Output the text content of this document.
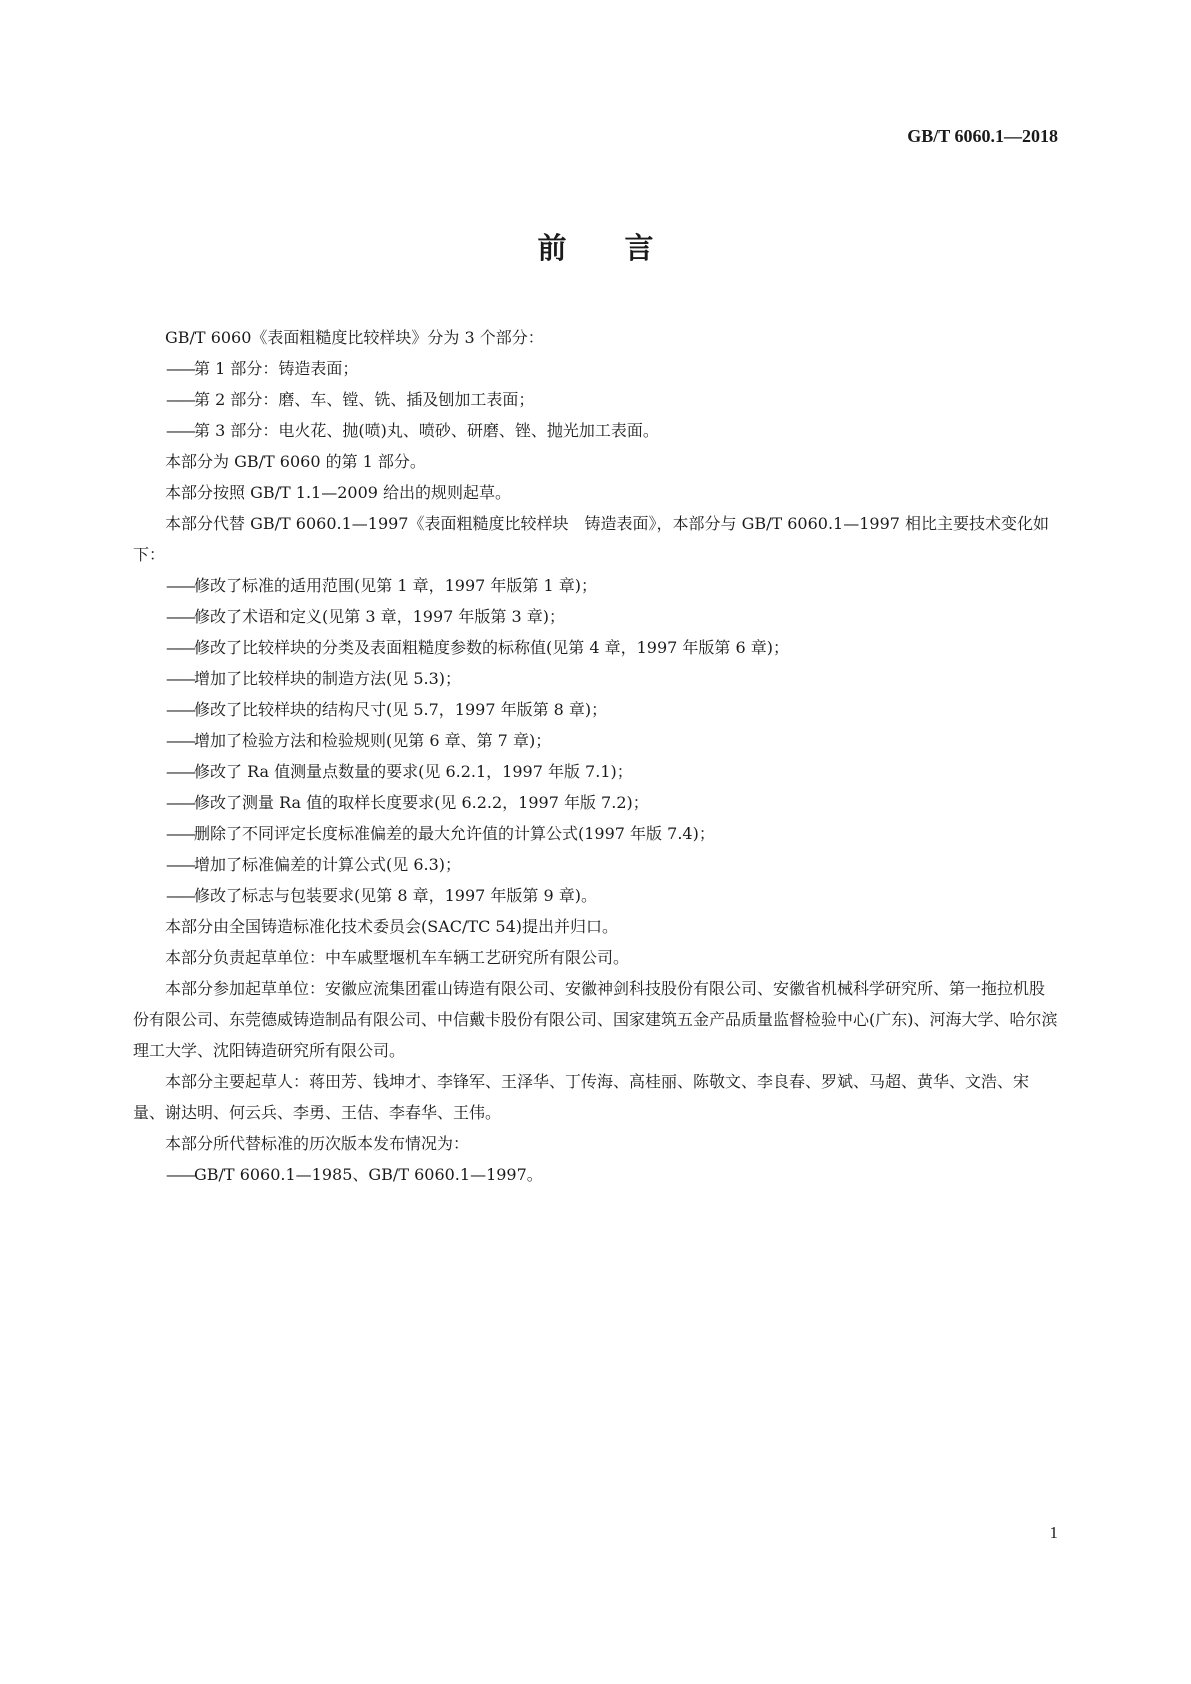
GB/T 6060.1—2018

前　　言

GB/T 6060《表面粗糙度比较样块》分为 3 个部分：

——第 1 部分：铸造表面；

——第 2 部分：磨、车、镗、铣、插及刨加工表面；

——第 3 部分：电火花、抛(喷)丸、喷砂、研磨、锉、抛光加工表面。

本部分为 GB/T 6060 的第 1 部分。

本部分按照 GB/T 1.1—2009 给出的规则起草。

本部分代替 GB/T 6060.1—1997《表面粗糙度比较样块　铸造表面》，本部分与 GB/T 6060.1—1997 相比主要技术变化如下：

——修改了标准的适用范围(见第 1 章，1997 年版第 1 章)；

——修改了术语和定义(见第 3 章，1997 年版第 3 章)；

——修改了比较样块的分类及表面粗糙度参数的标称值(见第 4 章，1997 年版第 6 章)；

——增加了比较样块的制造方法(见 5.3)；

——修改了比较样块的结构尺寸(见 5.7，1997 年版第 8 章)；

——增加了检验方法和检验规则(见第 6 章、第 7 章)；

——修改了 Ra 值测量点数量的要求(见 6.2.1，1997 年版 7.1)；

——修改了测量 Ra 值的取样长度要求(见 6.2.2，1997 年版 7.2)；

——删除了不同评定长度标准偏差的最大允许值的计算公式(1997 年版 7.4)；

——增加了标准偏差的计算公式(见 6.3)；

——修改了标志与包装要求(见第 8 章，1997 年版第 9 章)。

本部分由全国铸造标准化技术委员会(SAC/TC 54)提出并归口。

本部分负责起草单位：中车戚墅堰机车车辆工艺研究所有限公司。

本部分参加起草单位：安徽应流集团霍山铸造有限公司、安徽神剑科技股份有限公司、安徽省机械科学研究所、第一拖拉机股份有限公司、东莞德威铸造制品有限公司、中信戴卡股份有限公司、国家建筑五金产品质量监督检验中心(广东)、河海大学、哈尔滨理工大学、沈阳铸造研究所有限公司。

本部分主要起草人：蒋田芳、钱坤才、李锋军、王泽华、丁传海、高桂丽、陈敬文、李良春、罗斌、马超、黄华、文浩、宋量、谢达明、何云兵、李勇、王佶、李春华、王伟。

本部分所代替标准的历次版本发布情况为：

——GB/T 6060.1—1985、GB/T 6060.1—1997。

1
